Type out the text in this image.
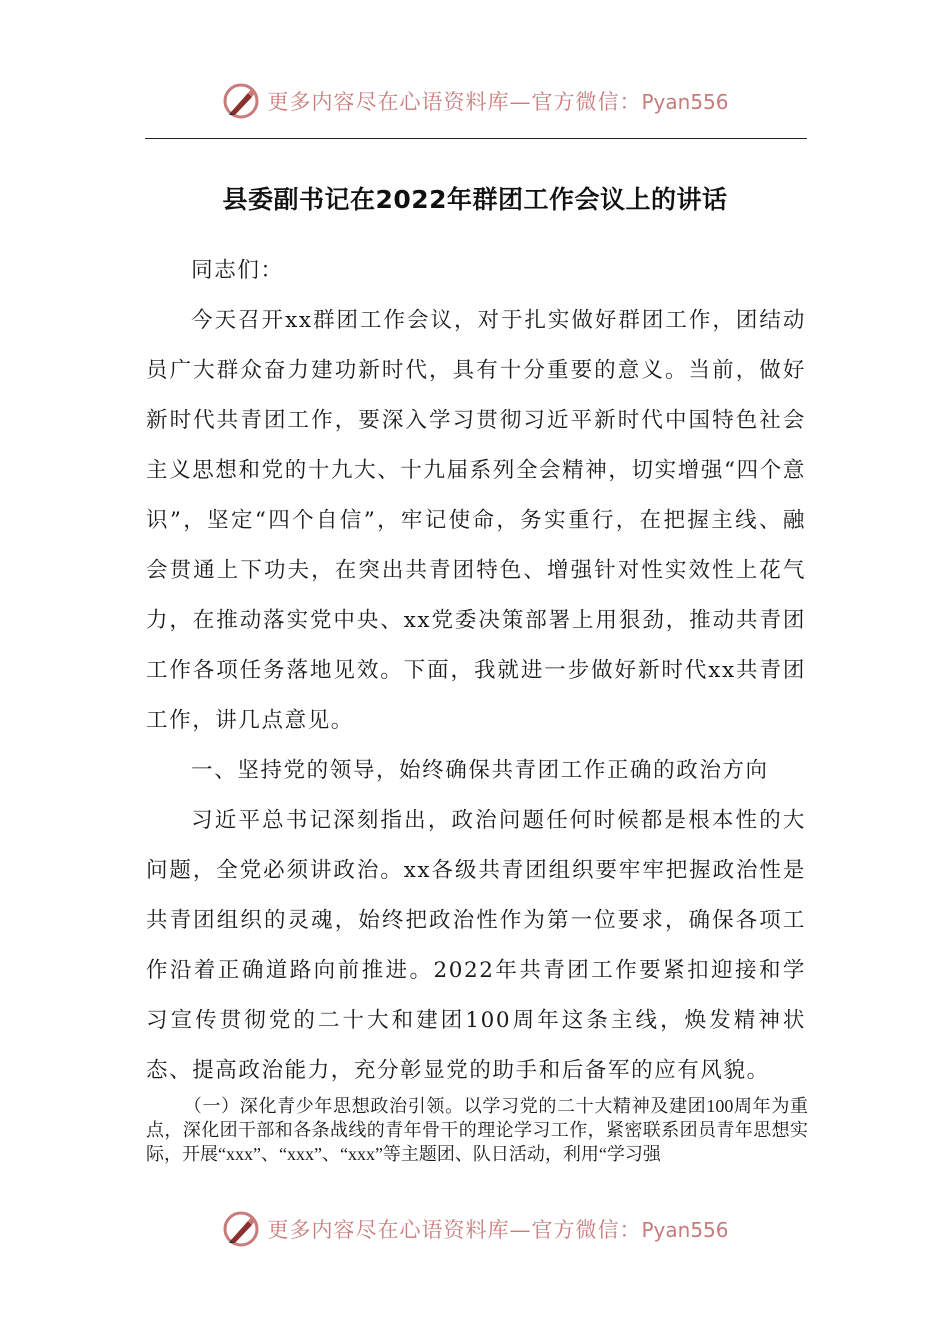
更多内容尽在心语资料库—官方微信：Pyan556
县委副书记在2022年群团工作会议上的讲话

同志们：

今天召开xx群团工作会议，对于扎实做好群团工作，团结动员广大群众奋力建功新时代，具有十分重要的意义。当前，做好新时代共青团工作，要深入学习贯彻习近平新时代中国特色社会主义思想和党的十九大、十九届系列全会精神，切实增强“四个意识”，坚定“四个自信”，牢记使命，务实重行，在把握主线、融会贯通上下功夫，在突出共青团特色、增强针对性实效性上花气力，在推动落实党中央、xx党委决策部署上用狠劲，推动共青团工作各项任务落地见效。下面，我就进一步做好新时代xx共青团工作，讲几点意见。

一、坚持党的领导，始终确保共青团工作正确的政治方向

习近平总书记深刻指出，政治问题任何时候都是根本性的大问题，全党必须讲政治。xx各级共青团组织要牢牢把握政治性是共青团组织的灵魂，始终把政治性作为第一位要求，确保各项工作沿着正确道路向前推进。2022年共青团工作要紧扣迎接和学习宣传贯彻党的二十大和建团100周年这条主线，焕发精神状态、提高政治能力，充分彰显党的助手和后备军的应有风貌。

（一）深化青少年思想政治引领。以学习党的二十大精神及建团100周年为重点，深化团干部和各条战线的青年骨干的理论学习工作，紧密联系团员青年思想实际，开展“xxx”、“xxx”、“xxx”等主题团、队日活动，利用“学习强

更多内容尽在心语资料库—官方微信：Pyan556
